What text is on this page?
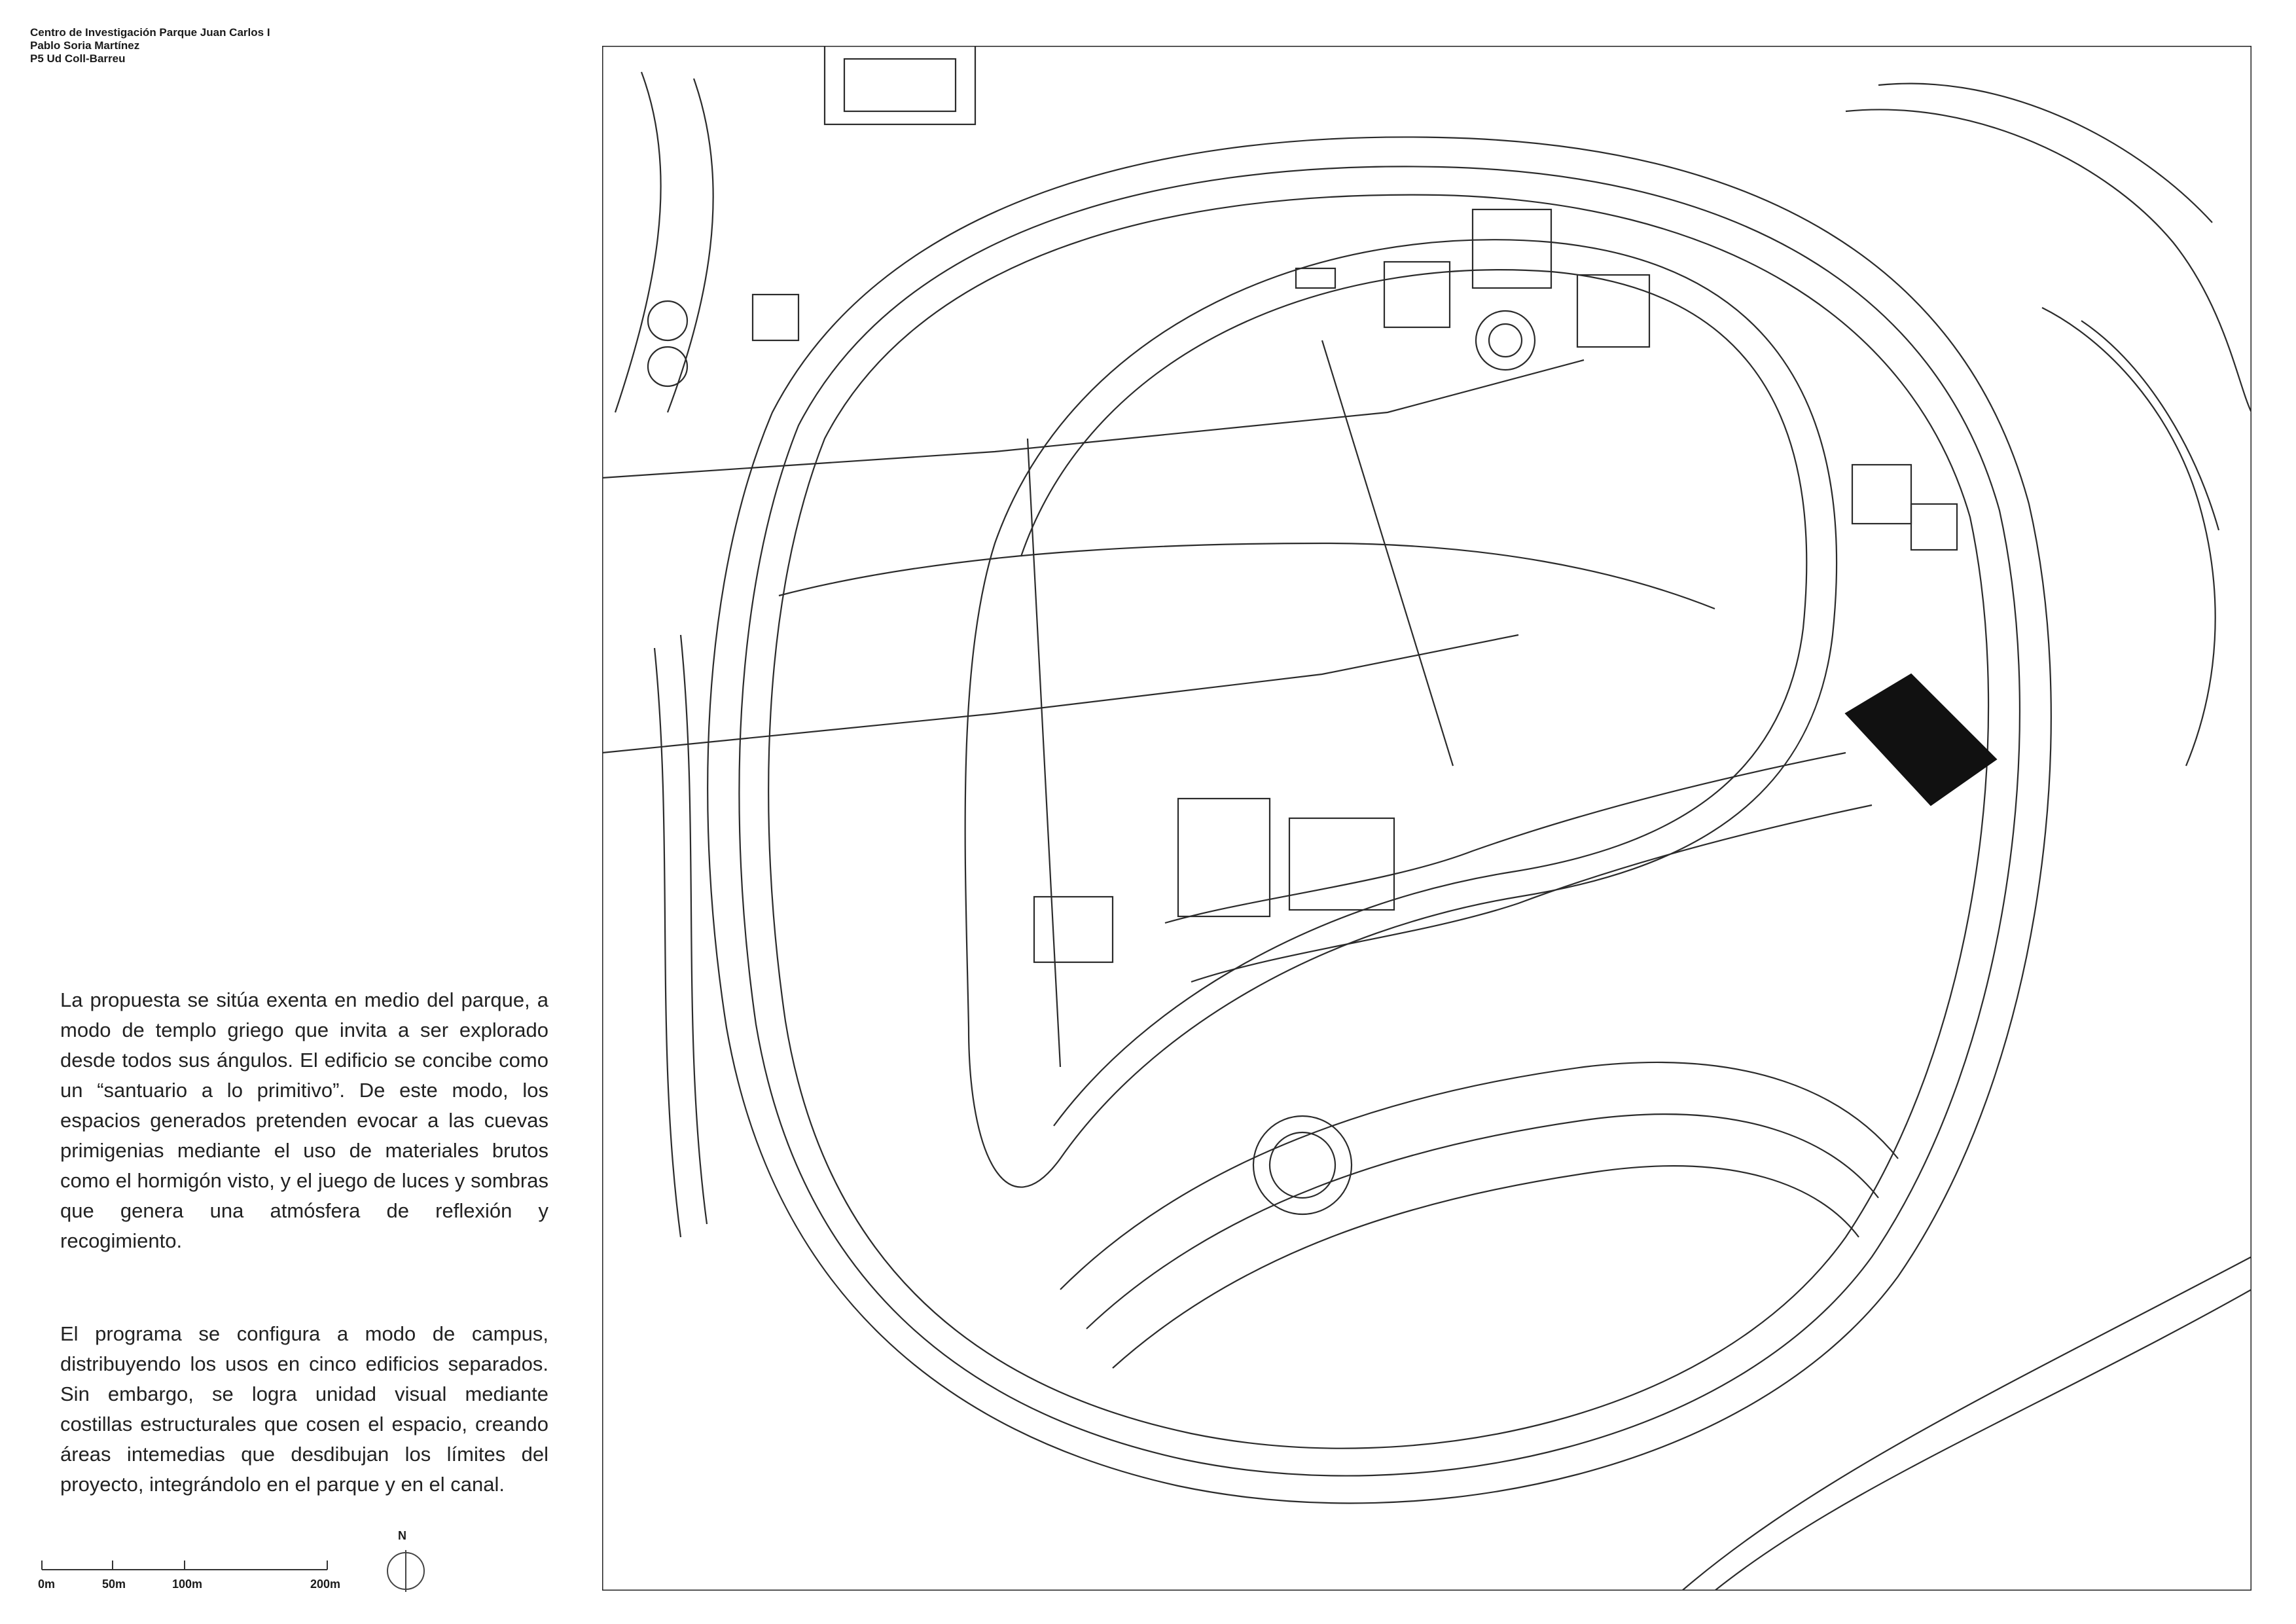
Centro de Investigación Parque Juan Carlos I
Pablo Soria Martínez
P5 Ud Coll-Barreu

La propuesta se sitúa exenta en medio del parque, a modo de templo griego que invita a ser explorado desde todos sus ángulos. El edificio se concibe como un “santuario a lo primitivo”. De este modo, los espacios generados pretenden evocar a las cuevas primigenias mediante el uso de materiales brutos como el hormigón visto, y el juego de luces y sombras que genera una atmósfera de reflexión y recogimiento.

El programa se configura a modo de campus, distribuyendo los usos en cinco edificios separados. Sin embargo, se logra unidad visual mediante costillas estructurales que cosen el espacio, creando áreas intemedias que desdibujan los límites del proyecto, integrándolo en el parque y en el canal.

0m	50m	100m	200m
N
